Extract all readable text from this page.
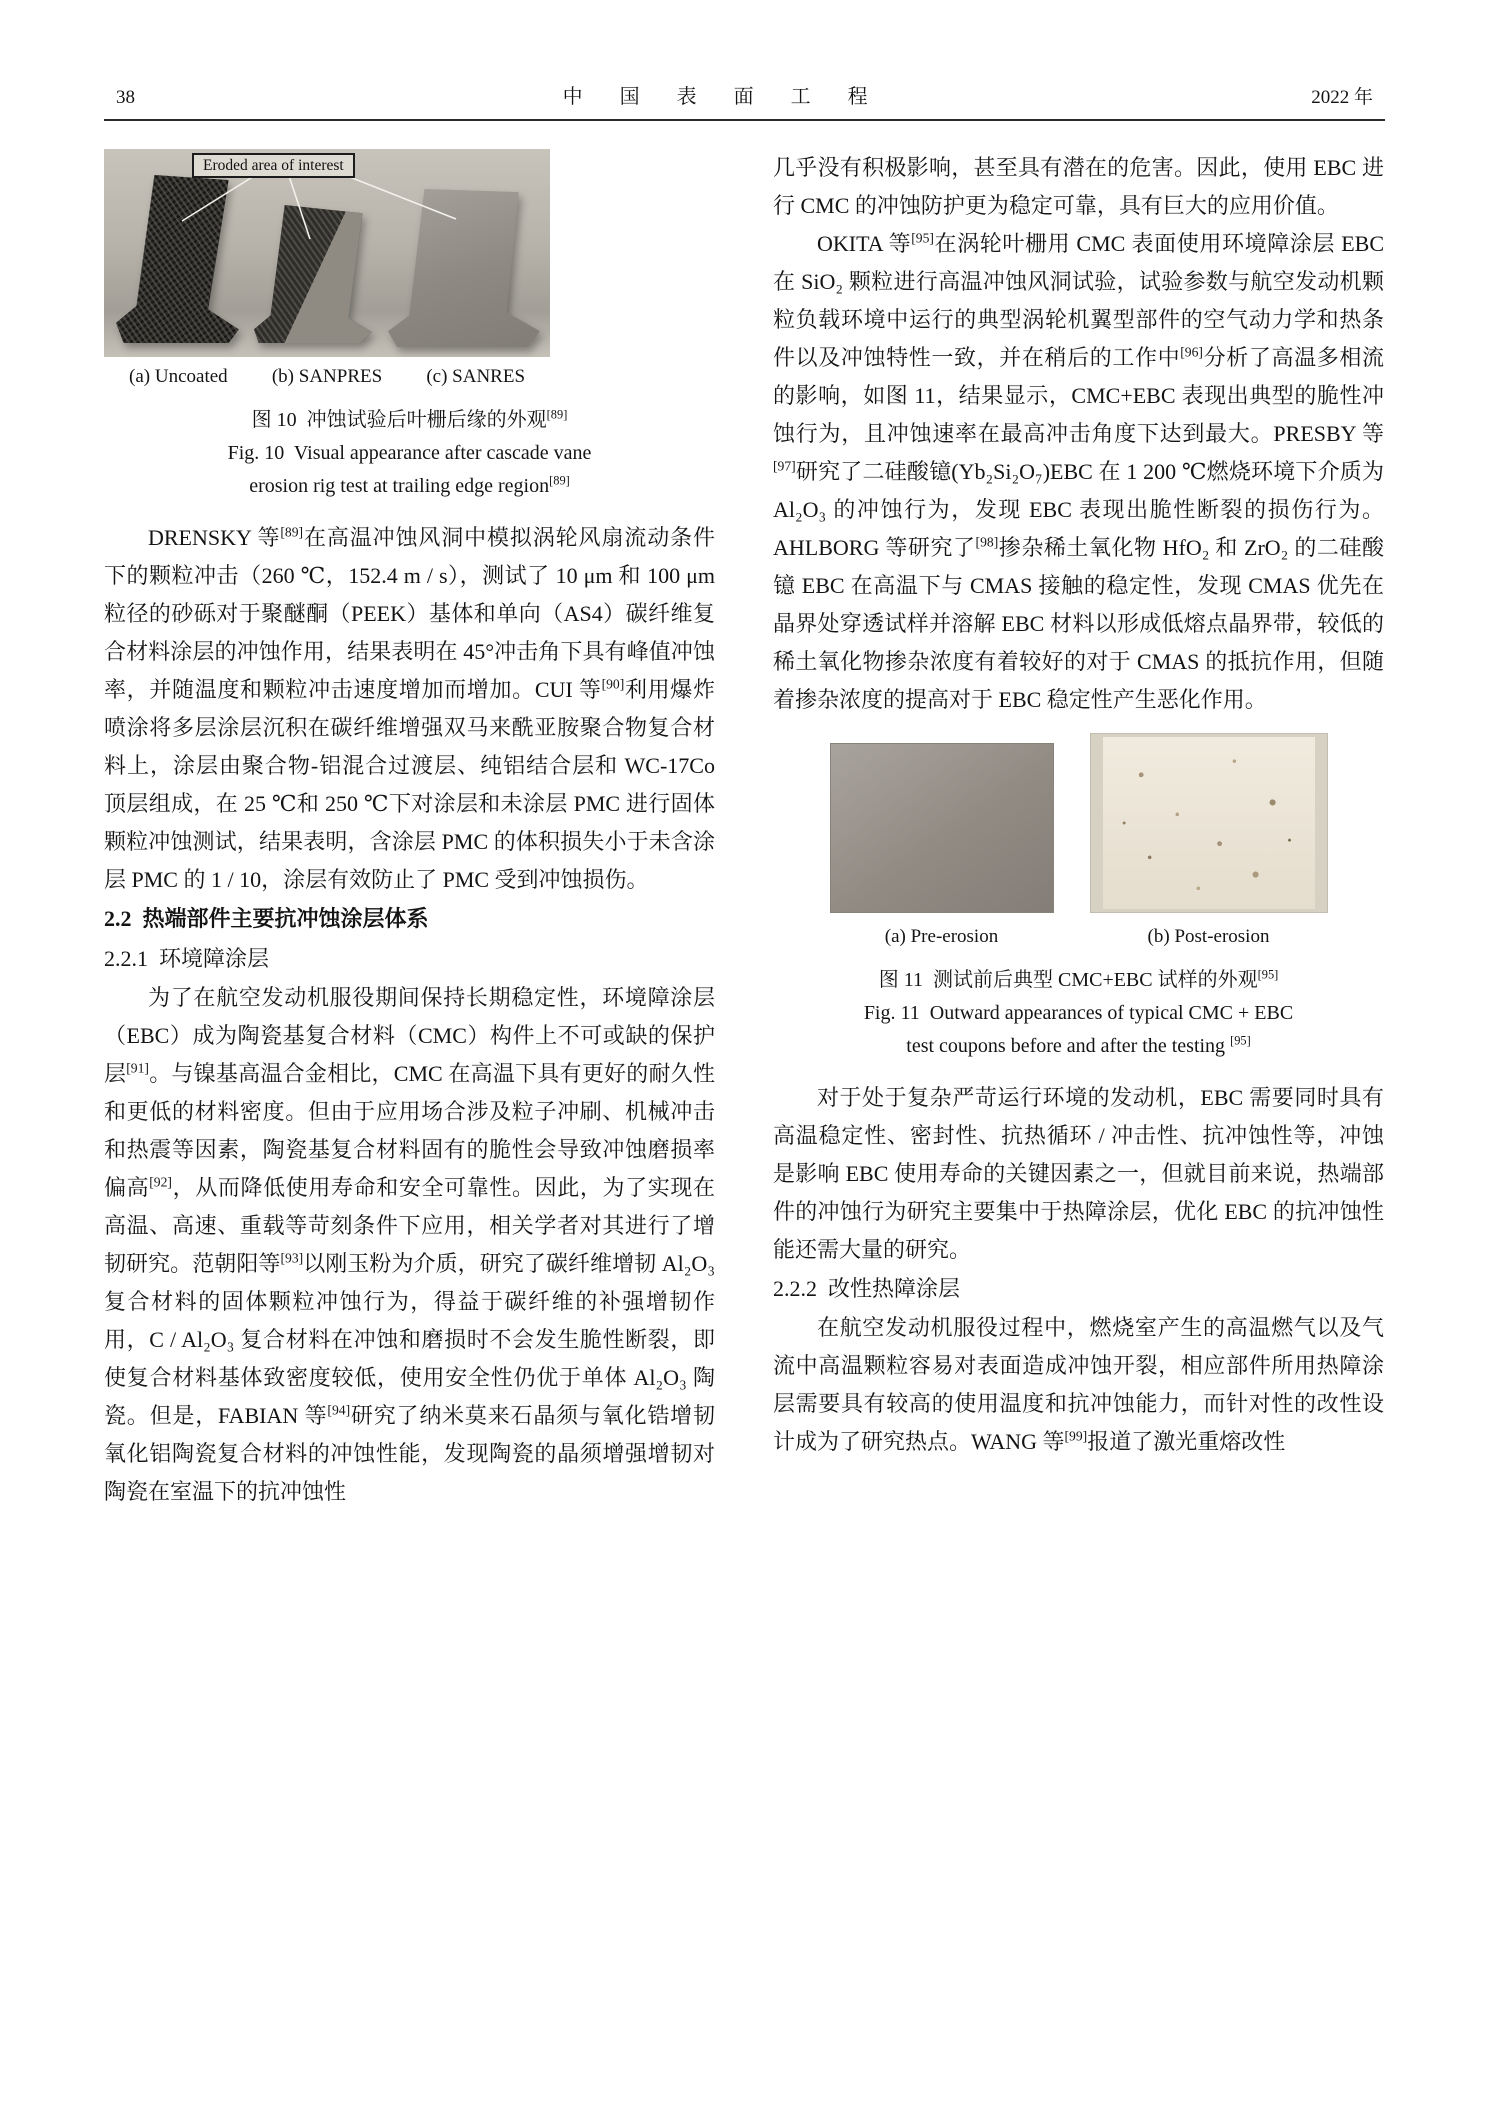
38	中 国 表 面 工 程	2022 年
Eroded area of interest
(a) Uncoated	(b) SANPRES	(c) SANRES
图 10  冲蚀试验后叶栅后缘的外观[89]
Fig. 10  Visual appearance after cascade vane
erosion rig test at trailing edge region[89]

DRENSKY 等[89]在高温冲蚀风洞中模拟涡轮风扇流动条件下的颗粒冲击（260 ℃，152.4 m / s），测试了 10 μm 和 100 μm 粒径的砂砾对于聚醚酮（PEEK）基体和单向（AS4）碳纤维复合材料涂层的冲蚀作用，结果表明在 45°冲击角下具有峰值冲蚀率，并随温度和颗粒冲击速度增加而增加。CUI 等[90]利用爆炸喷涂将多层涂层沉积在碳纤维增强双马来酰亚胺聚合物复合材料上，涂层由聚合物-铝混合过渡层、纯铝结合层和 WC-17Co 顶层组成，在 25 ℃和 250 ℃下对涂层和未涂层 PMC 进行固体颗粒冲蚀测试，结果表明，含涂层 PMC 的体积损失小于未含涂层 PMC 的 1 / 10，涂层有效防止了 PMC 受到冲蚀损伤。

2.2  热端部件主要抗冲蚀涂层体系
2.2.1  环境障涂层

为了在航空发动机服役期间保持长期稳定性，环境障涂层（EBC）成为陶瓷基复合材料（CMC）构件上不可或缺的保护层[91]。与镍基高温合金相比，CMC 在高温下具有更好的耐久性和更低的材料密度。但由于应用场合涉及粒子冲刷、机械冲击和热震等因素，陶瓷基复合材料固有的脆性会导致冲蚀磨损率偏高[92]，从而降低使用寿命和安全可靠性。因此，为了实现在高温、高速、重载等苛刻条件下应用，相关学者对其进行了增韧研究。范朝阳等[93]以刚玉粉为介质，研究了碳纤维增韧 Al₂O₃ 复合材料的固体颗粒冲蚀行为，得益于碳纤维的补强增韧作用，C / Al₂O₃ 复合材料在冲蚀和磨损时不会发生脆性断裂，即使复合材料基体致密度较低，使用安全性仍优于单体 Al₂O₃ 陶瓷。但是，FABIAN 等[94]研究了纳米莫来石晶须与氧化锆增韧氧化铝陶瓷复合材料的冲蚀性能，发现陶瓷的晶须增强增韧对陶瓷在室温下的抗冲蚀性

几乎没有积极影响，甚至具有潜在的危害。因此，使用 EBC 进行 CMC 的冲蚀防护更为稳定可靠，具有巨大的应用价值。

OKITA 等[95]在涡轮叶栅用 CMC 表面使用环境障涂层 EBC 在 SiO₂ 颗粒进行高温冲蚀风洞试验，试验参数与航空发动机颗粒负载环境中运行的典型涡轮机翼型部件的空气动力学和热条件以及冲蚀特性一致，并在稍后的工作中[96]分析了高温多相流的影响，如图 11，结果显示，CMC+EBC 表现出典型的脆性冲蚀行为，且冲蚀速率在最高冲击角度下达到最大。PRESBY 等[97]研究了二硅酸镱(Yb₂Si₂O₇)EBC 在 1 200 ℃燃烧环境下介质为 Al₂O₃ 的冲蚀行为，发现 EBC 表现出脆性断裂的损伤行为。AHLBORG 等研究了[98]掺杂稀土氧化物 HfO₂ 和 ZrO₂ 的二硅酸镱 EBC 在高温下与 CMAS 接触的稳定性，发现 CMAS 优先在晶界处穿透试样并溶解 EBC 材料以形成低熔点晶界带，较低的稀土氧化物掺杂浓度有着较好的对于 CMAS 的抵抗作用，但随着掺杂浓度的提高对于 EBC 稳定性产生恶化作用。

(a) Pre-erosion	(b) Post-erosion
图 11  测试前后典型 CMC+EBC 试样的外观[95]
Fig. 11  Outward appearances of typical CMC + EBC
test coupons before and after the testing [95]

对于处于复杂严苛运行环境的发动机，EBC 需要同时具有高温稳定性、密封性、抗热循环 / 冲击性、抗冲蚀性等，冲蚀是影响 EBC 使用寿命的关键因素之一，但就目前来说，热端部件的冲蚀行为研究主要集中于热障涂层，优化 EBC 的抗冲蚀性能还需大量的研究。

2.2.2  改性热障涂层

在航空发动机服役过程中，燃烧室产生的高温燃气以及气流中高温颗粒容易对表面造成冲蚀开裂，相应部件所用热障涂层需要具有较高的使用温度和抗冲蚀能力，而针对性的改性设计成为了研究热点。WANG 等[99]报道了激光重熔改性
